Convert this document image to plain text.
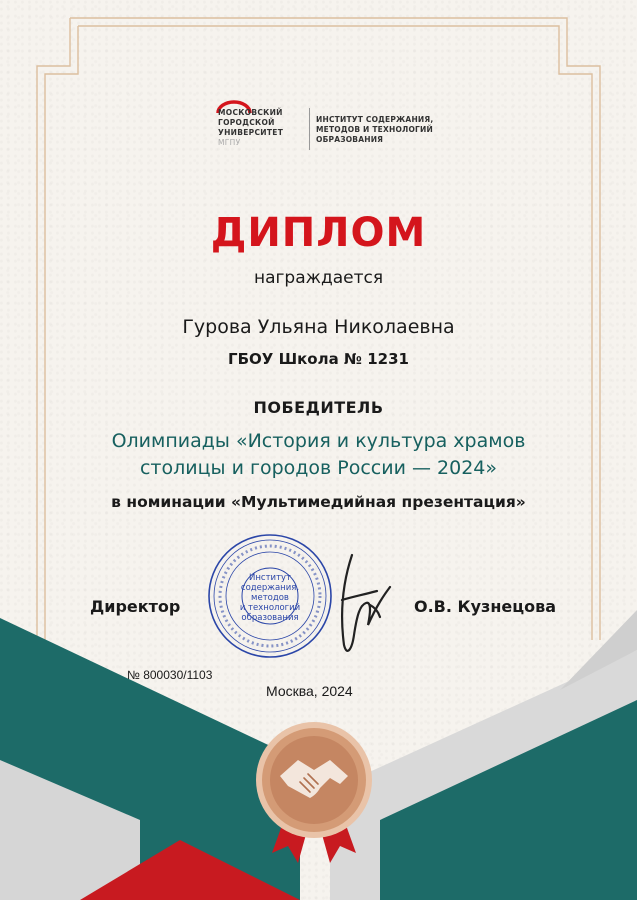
МОСКОВСКИЙ
ГОРОДСКОЙ
УНИВЕРСИТЕТ
МГПУ
ИНСТИТУТ СОДЕРЖАНИЯ,
МЕТОДОВ И ТЕХНОЛОГИЙ
ОБРАЗОВАНИЯ
ДИПЛОМ
награждается
Гурова Ульяна Николаевна
ГБОУ Школа № 1231
ПОБЕДИТЕЛЬ
Олимпиады «История и культура храмов
столицы и городов России — 2024»
в номинации «Мультимедийная презентация»
Институт
содержания,
методов
и технологий
образования
Директор	О.В. Кузнецова
№ 800030/1103
Москва, 2024
